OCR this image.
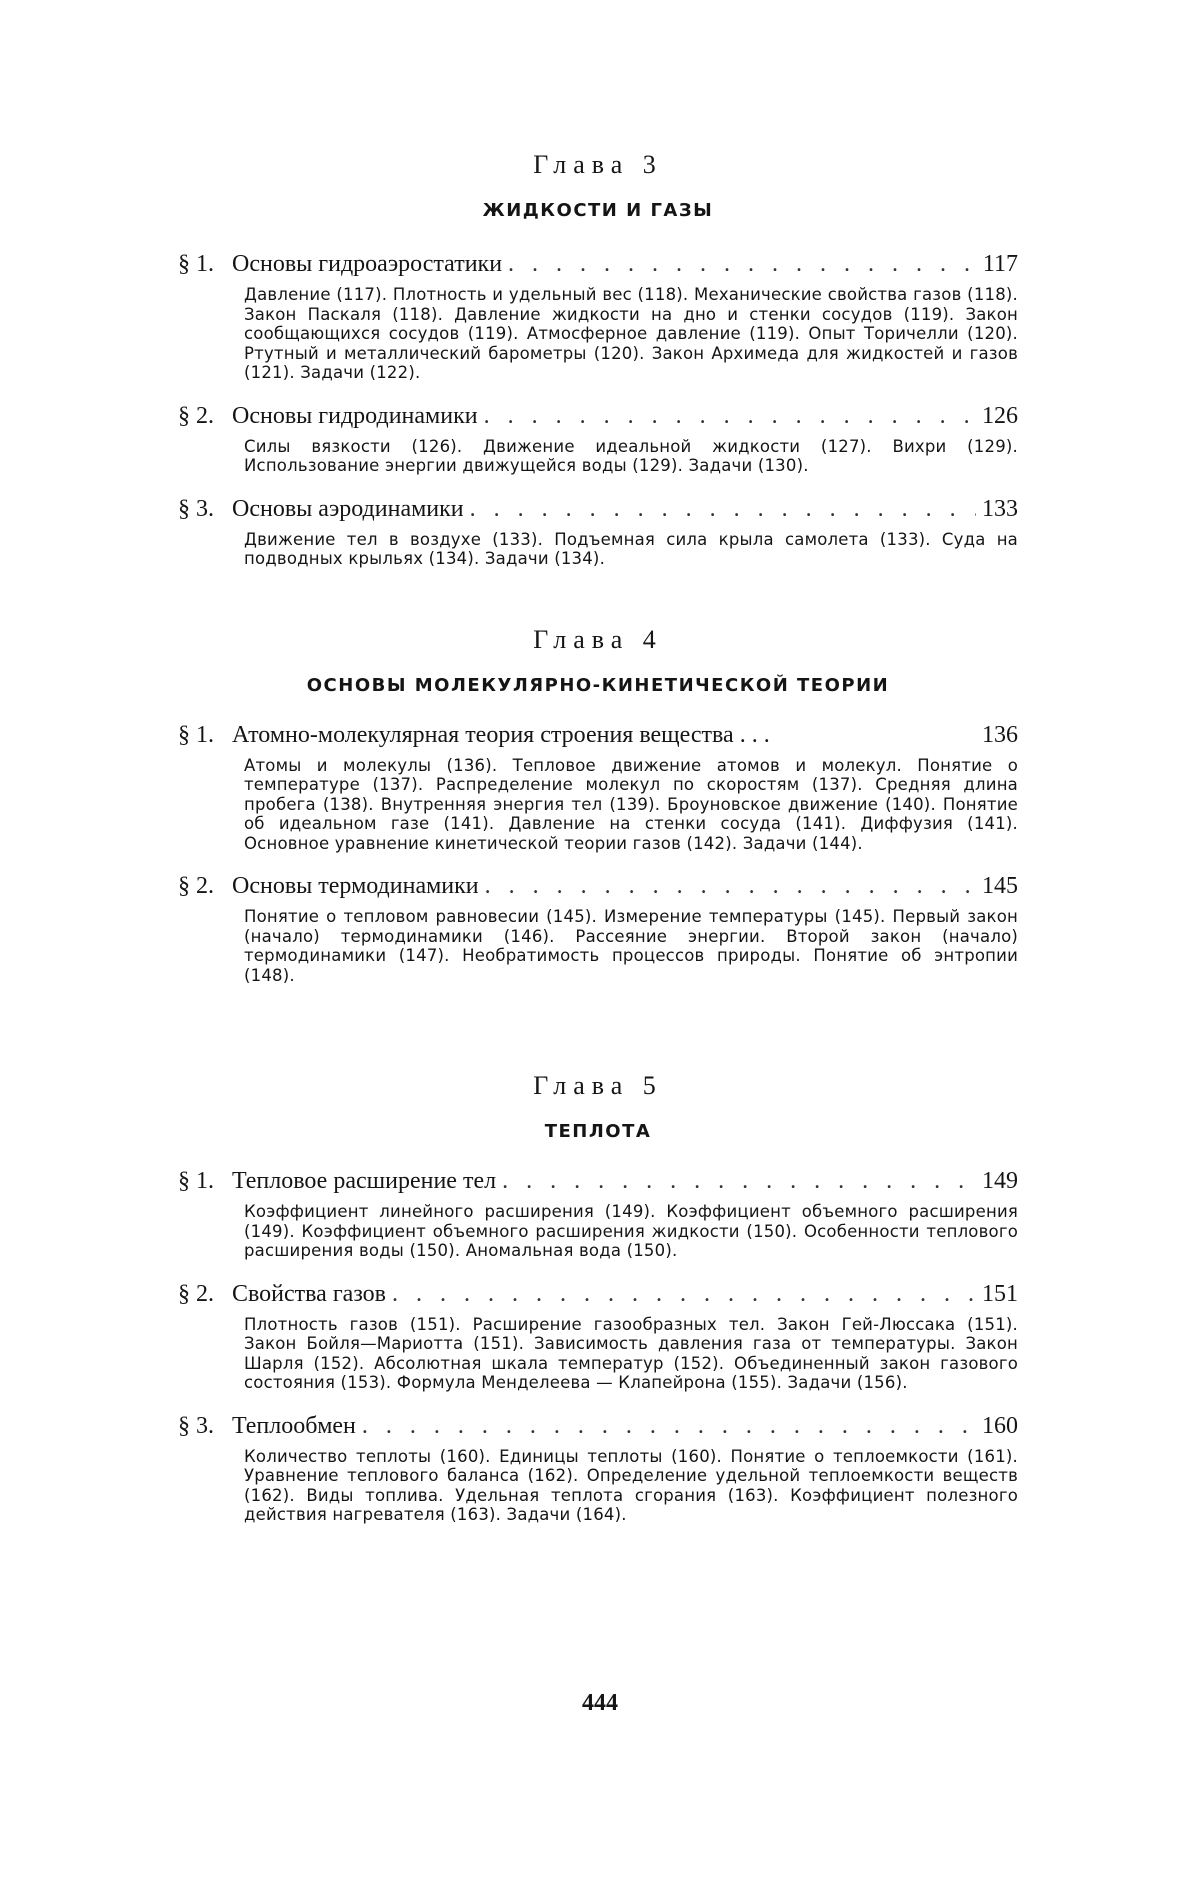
Глава 3
ЖИДКОСТИ И ГАЗЫ
§ 1. Основы гидроаэростатики . . .	117
Давление (117). Плотность и удельный вес (118). Механические свойства газов (118). Закон Паскаля (118). Давление жидкости на дно и стенки сосудов (119). Закон сообщающихся сосудов (119). Атмосферное давление (119). Опыт Торичелли (120). Ртутный и металлический барометры (120). Закон Архимеда для жидкостей и газов (121). Задачи (122).
§ 2. Основы гидродинамики . . .	126
Силы вязкости (126). Движение идеальной жидкости (127). Вихри (129). Использование энергии движущейся воды (129). Задачи (130).
§ 3. Основы аэродинамики . . .	133
Движение тел в воздухе (133). Подъемная сила крыла самолета (133). Суда на подводных крыльях (134). Задачи (134).
Глава 4
ОСНОВЫ МОЛЕКУЛЯРНО-КИНЕТИЧЕСКОЙ ТЕОРИИ
§ 1. Атомно-молекулярная теория строения вещества . . .	136
Атомы и молекулы (136). Тепловое движение атомов и молекул. Понятие о температуре (137). Распределение молекул по скоростям (137). Средняя длина пробега (138). Внутренняя энергия тел (139). Броуновское движение (140). Понятие об идеальном газе (141). Давление на стенки сосуда (141). Диффузия (141). Основное уравнение кинетической теории газов (142). Задачи (144).
§ 2. Основы термодинамики . . .	145
Понятие о тепловом равновесии (145). Измерение температуры (145). Первый закон (начало) термодинамики (146). Рассеяние энергии. Второй закон (начало) термодинамики (147). Необратимость процессов природы. Понятие об энтропии (148).
Глава 5
ТЕПЛОТА
§ 1. Тепловое расширение тел . . .	149
Коэффициент линейного расширения (149). Коэффициент объемного расширения (149). Коэффициент объемного расширения жидкости (150). Особенности теплового расширения воды (150). Аномальная вода (150).
§ 2. Свойства газов . . .	151
Плотность газов (151). Расширение газообразных тел. Закон Гей-Люссака (151). Закон Бойля—Мариотта (151). Зависимость давления газа от температуры. Закон Шарля (152). Абсолютная шкала температур (152). Объединенный закон газового состояния (153). Формула Менделеева — Клапейрона (155). Задачи (156).
§ 3. Теплообмен . . .	160
Количество теплоты (160). Единицы теплоты (160). Понятие о теплоемкости (161). Уравнение теплового баланса (162). Определение удельной теплоемкости веществ (162). Виды топлива. Удельная теплота сгорания (163). Коэффициент полезного действия нагревателя (163). Задачи (164).
444
